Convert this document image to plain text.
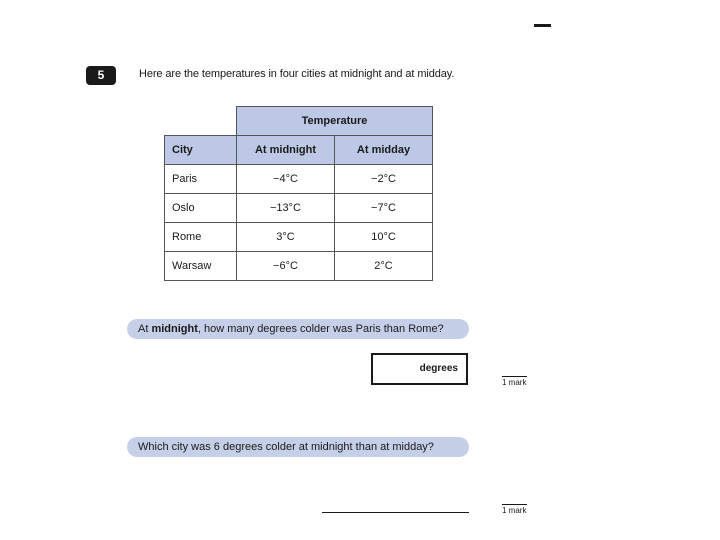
5	Here are the temperatures in four cities at midnight and at midday.
	Temperature	
City	At midnight	At midday
Paris	−4°C	−2°C
Oslo	−13°C	−7°C
Rome	3°C	10°C
Warsaw	−6°C	2°C
At midnight, how many degrees colder was Paris than Rome?
degrees
1 mark
Which city was 6 degrees colder at midnight than at midday?
1 mark
